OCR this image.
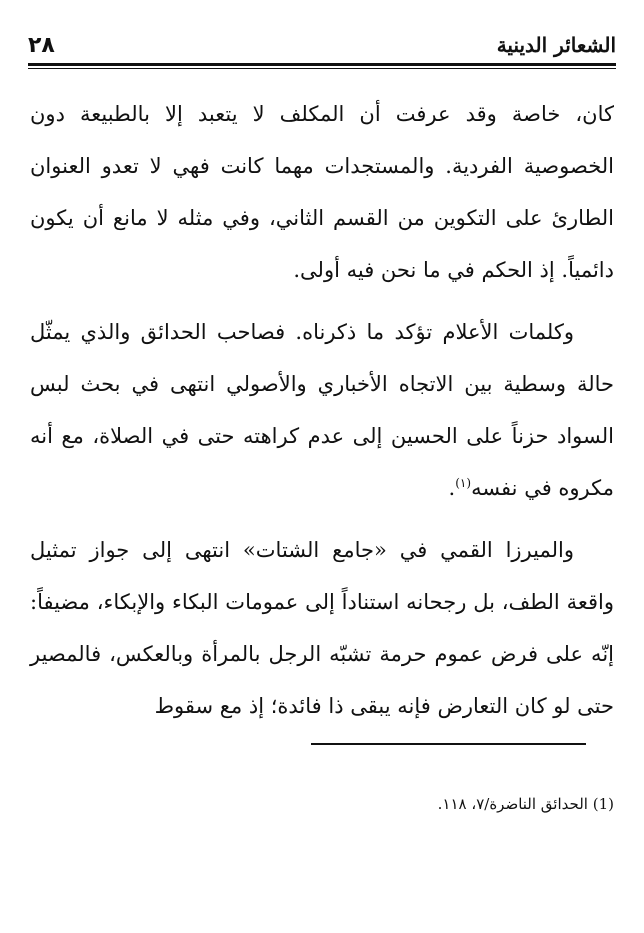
الشعائر الدينية
٢٨

كان، خاصة وقد عرفت أن المكلف لا يتعبد إلا بالطبيعة دون الخصوصية الفردية. والمستجدات مهما كانت فهي لا تعدو العنوان الطارئ على التكوين من القسم الثاني، وفي مثله لا مانع أن يكون دائمياً. إذ الحكم في ما نحن فيه أولى.

وكلمات الأعلام تؤكد ما ذكرناه. فصاحب الحدائق والذي يمثّل حالة وسطية بين الاتجاه الأخباري والأصولي انتهى في بحث لبس السواد حزناً على الحسين إلى عدم كراهته حتى في الصلاة، مع أنه مكروه في نفسه$^{(١)}$.

والميرزا القمي في «جامع الشتات» انتهى إلى جواز تمثيل واقعة الطف، بل رجحانه استناداً إلى عمومات البكاء والإبكاء، مضيفاً: إنّه على فرض عموم حرمة تشبّه الرجل بالمرأة وبالعكس، فالمصير حتى لو كان التعارض فإنه يبقى ذا فائدة؛ إذ مع سقوط

(1) الحدائق الناضرة/٧، ١١٨.
